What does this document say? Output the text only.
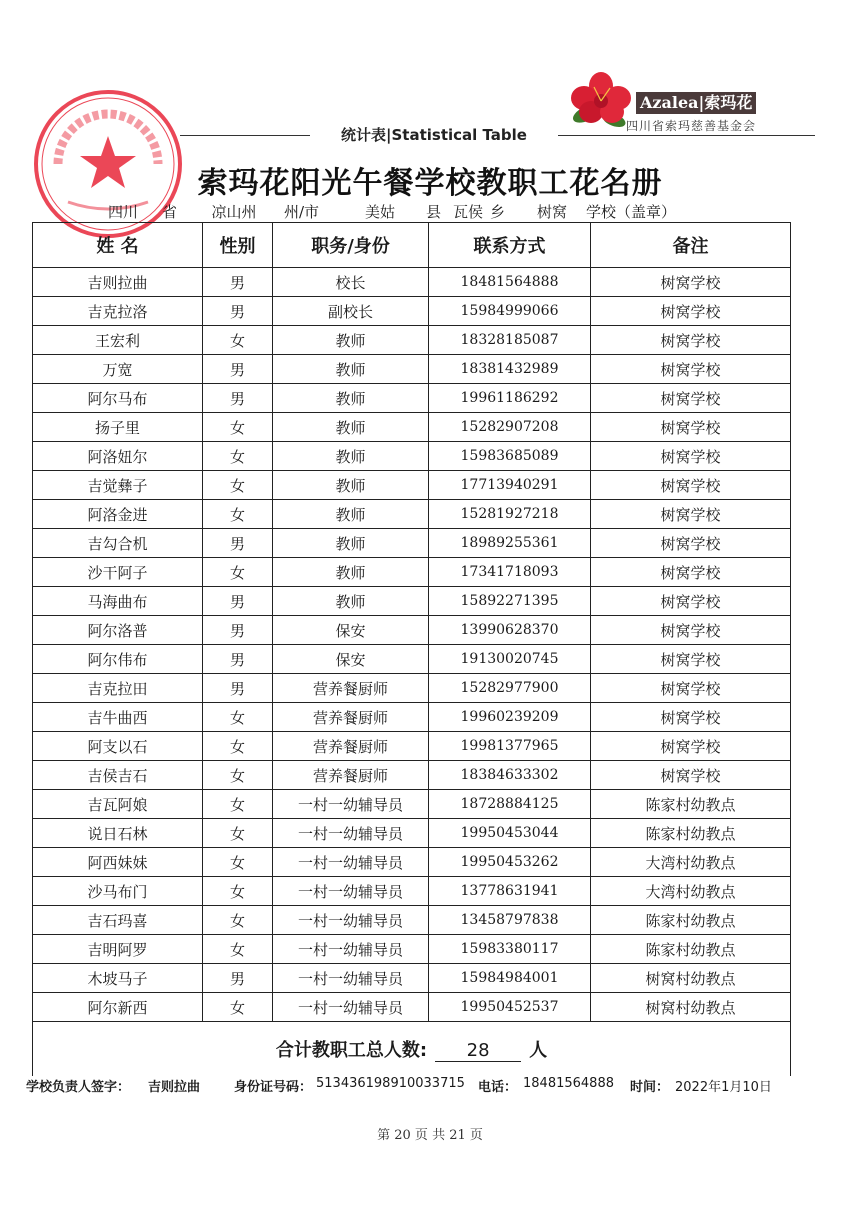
Azalea|索玛花
四川省索玛慈善基金会
统计表|Statistical Table
索玛花阳光午餐学校教职工花名册
四川	省	凉山州	州/市	美姑	县 瓦侯 乡	树窝	学校（盖章）
姓 名	性别	职务/身份	联系方式	备注
吉则拉曲	男	校长	18481564888	树窝学校
吉克拉洛	男	副校长	15984999066	树窝学校
王宏利	女	教师	18328185087	树窝学校
万宽	男	教师	18381432989	树窝学校
阿尔马布	男	教师	19961186292	树窝学校
扬子里	女	教师	15282907208	树窝学校
阿洛妞尔	女	教师	15983685089	树窝学校
吉觉彝子	女	教师	17713940291	树窝学校
阿洛金进	女	教师	15281927218	树窝学校
吉勾合机	男	教师	18989255361	树窝学校
沙干阿子	女	教师	17341718093	树窝学校
马海曲布	男	教师	15892271395	树窝学校
阿尔洛普	男	保安	13990628370	树窝学校
阿尔伟布	男	保安	19130020745	树窝学校
吉克拉田	男	营养餐厨师	15282977900	树窝学校
吉牛曲西	女	营养餐厨师	19960239209	树窝学校
阿支以石	女	营养餐厨师	19981377965	树窝学校
吉侯吉石	女	营养餐厨师	18384633302	树窝学校
吉瓦阿娘	女	一村一幼辅导员	18728884125	陈家村幼教点
说日石林	女	一村一幼辅导员	19950453044	陈家村幼教点
阿西妹妹	女	一村一幼辅导员	19950453262	大湾村幼教点
沙马布门	女	一村一幼辅导员	13778631941	大湾村幼教点
吉石玛喜	女	一村一幼辅导员	13458797838	陈家村幼教点
吉明阿罗	女	一村一幼辅导员	15983380117	陈家村幼教点
木坡马子	男	一村一幼辅导员	15984984001	树窝村幼教点
阿尔新西	女	一村一幼辅导员	19950452537	树窝村幼教点
合计教职工总人数: 28 人				
学校负责人签字： 吉则拉曲	身份证号码： 513436198910033715 电话： 18481564888 时间： 2022年1月10日
第 20 页 共 21 页
